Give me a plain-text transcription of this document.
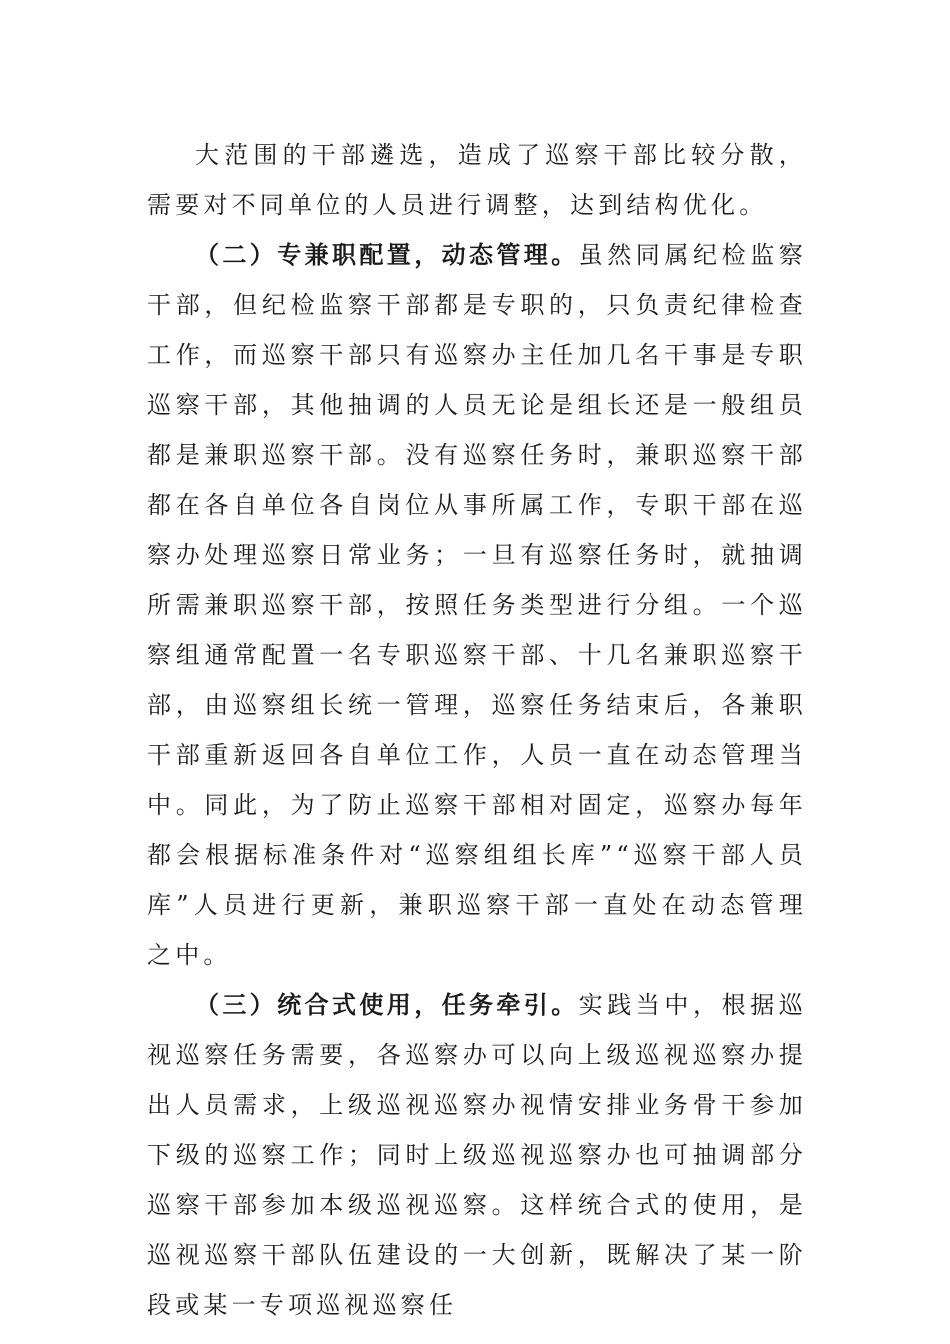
大范围的干部遴选，造成了巡察干部比较分散，需要对不同单位的人员进行调整，达到结构优化。

（二）专兼职配置，动态管理。虽然同属纪检监察干部，但纪检监察干部都是专职的，只负责纪律检查工作，而巡察干部只有巡察办主任加几名干事是专职巡察干部，其他抽调的人员无论是组长还是一般组员都是兼职巡察干部。没有巡察任务时，兼职巡察干部都在各自单位各自岗位从事所属工作，专职干部在巡察办处理巡察日常业务；一旦有巡察任务时，就抽调所需兼职巡察干部，按照任务类型进行分组。一个巡察组通常配置一名专职巡察干部、十几名兼职巡察干部，由巡察组长统一管理，巡察任务结束后，各兼职干部重新返回各自单位工作，人员一直在动态管理当中。同此，为了防止巡察干部相对固定，巡察办每年都会根据标准条件对“巡察组组长库”“巡察干部人员库”人员进行更新，兼职巡察干部一直处在动态管理之中。

（三）统合式使用，任务牵引。实践当中，根据巡视巡察任务需要，各巡察办可以向上级巡视巡察办提出人员需求，上级巡视巡察办视情安排业务骨干参加下级的巡察工作；同时上级巡视巡察办也可抽调部分巡察干部参加本级巡视巡察。这样统合式的使用，是巡视巡察干部队伍建设的一大创新，既解决了某一阶段或某一专项巡视巡察任
